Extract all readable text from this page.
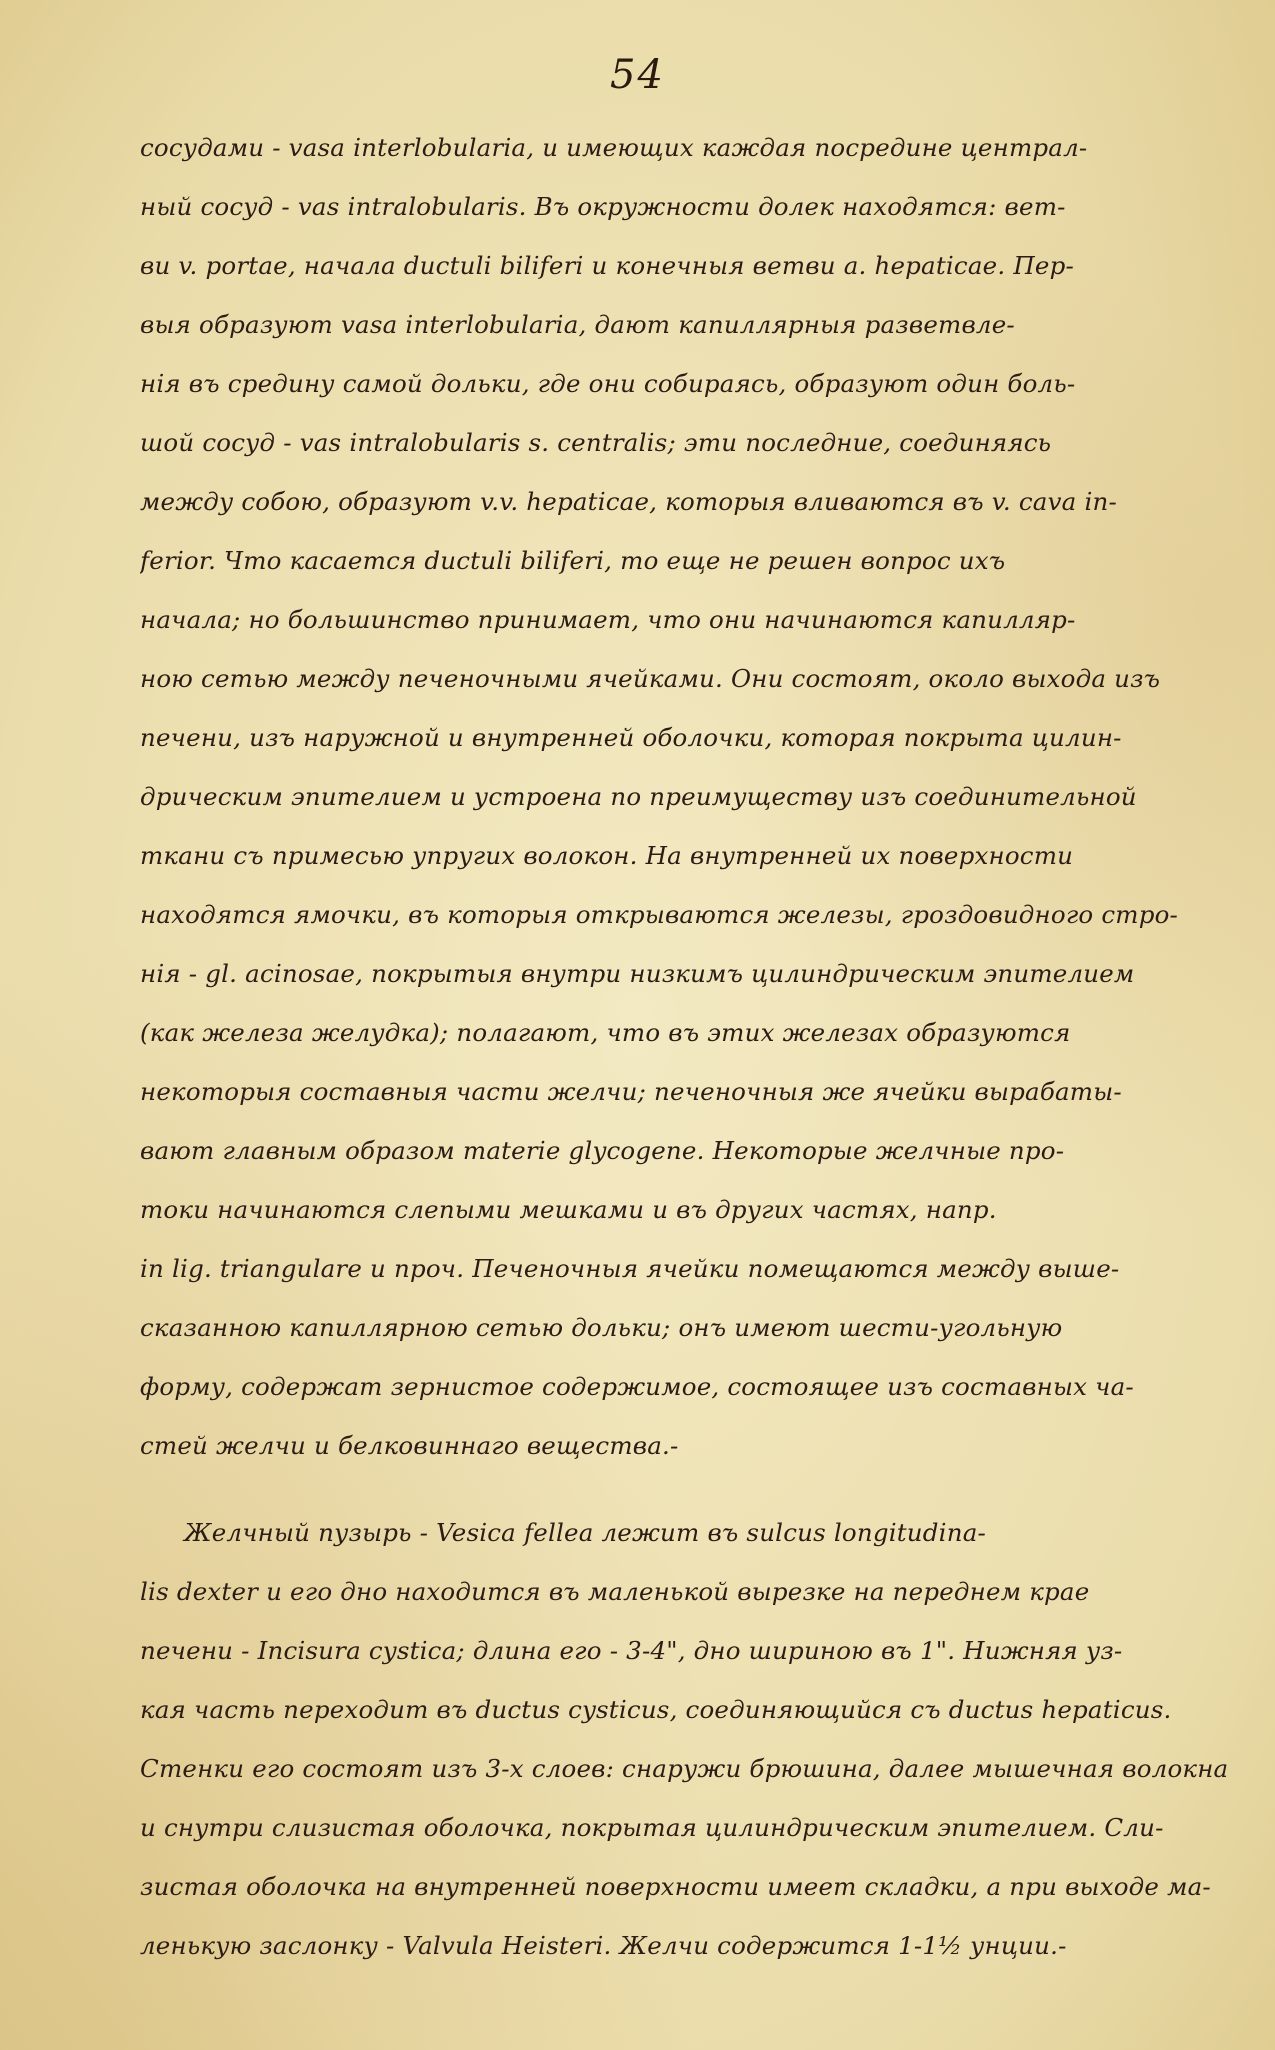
54
сосудами - vasa interlobularia, и имеющих каждая посредине централ-
ный сосуд - vas intralobularis. Въ окружности долек находятся: вет-
ви v. portae, начала ductuli biliferi и конечныя ветви a. hepaticae. Пер-
выя образуют vasa interlobularia, дают капиллярныя разветвле-
нiя въ средину самой дольки, где они собираясь, образуют один боль-
шой сосуд - vas intralobularis s. centralis; эти последние, соединяясь
между собою, образуют v.v. hepaticae, которыя вливаются въ v. cava in-
ferior. Что касается ductuli biliferi, то еще не решен вопрос ихъ
начала; но большинство принимает, что они начинаются капилляр-
ною сетью между печеночными ячейками. Они состоят, около выхода изъ
печени, изъ наружной и внутренней оболочки, которая покрыта цилин-
дрическим эпителием и устроена по преимуществу изъ соединительной
ткани съ примесью упругих волокон. На внутренней их поверхности
находятся ямочки, въ которыя открываются железы, гроздовидного стро-
нiя - gl. acinosae, покрытыя внутри низкимъ цилиндрическим эпителием
(как железа желудка); полагают, что въ этих железах образуются
некоторыя составныя части желчи; печеночныя же ячейки вырабаты-
вают главным образом materie glycogene. Некоторые желчные про-
токи начинаются слепыми мешками и въ других частях, напр.
in lig. triangulare и проч. Печеночныя ячейки помещаются между выше-
сказанною капиллярною сетью дольки; онъ имеют шести-угольную
форму, содержат зернистое содержимое, состоящее изъ составных ча-
стей желчи и белковиннаго вещества.-
Желчный пузырь - Vesica fellea лежит въ sulcus longitudina-
lis dexter и его дно находится въ маленькой вырезке на переднем крае
печени - Incisura cystica; длина его - 3-4", дно шириною въ 1". Нижняя уз-
кая часть переходит въ ductus cysticus, соединяющийся съ ductus hepaticus.
Стенки его состоят изъ 3-х слоев: снаружи брюшина, далее мышечная волокна
и снутри слизистая оболочка, покрытая цилиндрическим эпителием. Сли-
зистая оболочка на внутренней поверхности имеет складки, а при выходе ма-
ленькую заслонку - Valvula Heisteri. Желчи содержится 1-1½ унции.-
